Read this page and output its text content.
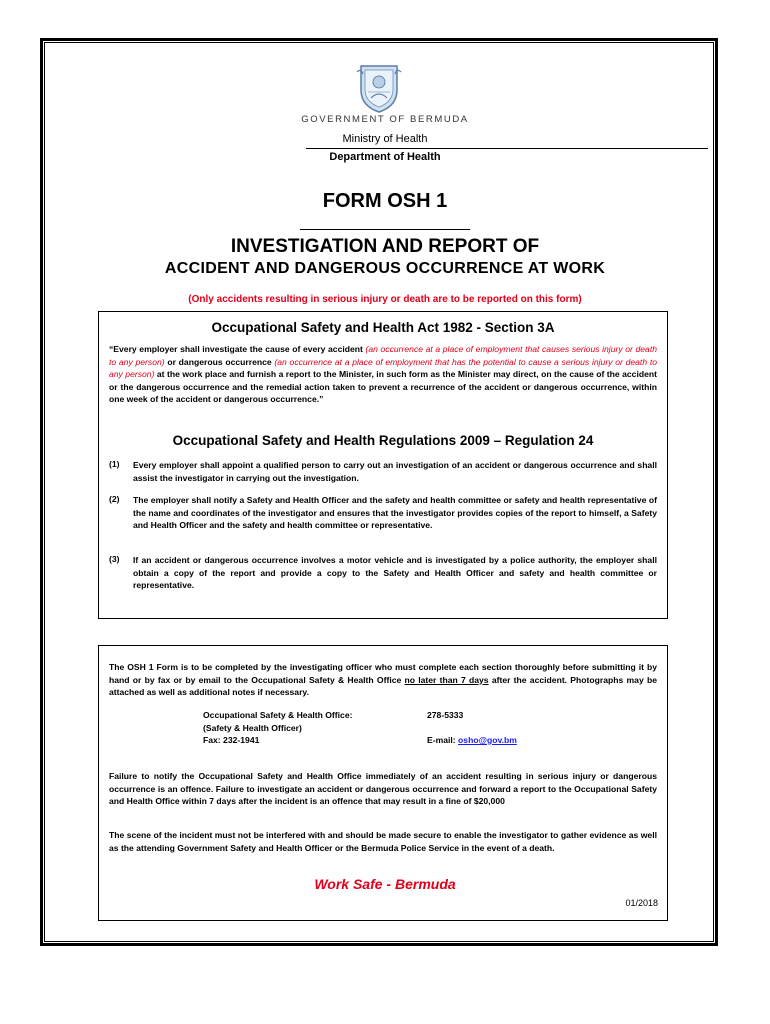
GOVERNMENT OF BERMUDA
Ministry of Health
Department of Health
FORM OSH 1
INVESTIGATION AND REPORT OF
ACCIDENT AND DANGEROUS OCCURRENCE AT WORK
(Only accidents resulting in serious injury or death are to be reported on this form)
Occupational Safety and Health Act 1982 - Section 3A
“Every employer shall investigate the cause of every accident (an occurrence at a place of employment that causes serious injury or death to any person) or dangerous occurrence (an occurrence at a place of employment that has the potential to cause a serious injury or death to any person) at the work place and furnish a report to the Minister, in such form as the Minister may direct, on the cause of the accident or the dangerous occurrence and the remedial action taken to prevent a recurrence of the accident or dangerous occurrence, within one week of the accident or dangerous occurrence.”
Occupational Safety and Health Regulations 2009 – Regulation 24
(1) Every employer shall appoint a qualified person to carry out an investigation of an accident or dangerous occurrence and shall assist the investigator in carrying out the investigation.
(2) The employer shall notify a Safety and Health Officer and the safety and health committee or safety and health representative of the name and coordinates of the investigator and ensures that the investigator provides copies of the report to himself, a Safety and Health Officer and the safety and health committee or representative.
(3) If an accident or dangerous occurrence involves a motor vehicle and is investigated by a police authority, the employer shall obtain a copy of the report and provide a copy to the Safety and Health Officer and safety and health committee or representative.
The OSH 1 Form is to be completed by the investigating officer who must complete each section thoroughly before submitting it by hand or by fax or by email to the Occupational Safety & Health Office no later than 7 days after the accident. Photographs may be attached as well as additional notes if necessary.
Occupational Safety & Health Office:
(Safety & Health Officer)
Fax: 232-1941
278-5333
E-mail: osho@gov.bm
Failure to notify the Occupational Safety and Health Office immediately of an accident resulting in serious injury or dangerous occurrence is an offence. Failure to investigate an accident or dangerous occurrence and forward a report to the Occupational Safety and Health Office within 7 days after the incident is an offence that may result in a fine of $20,000
The scene of the incident must not be interfered with and should be made secure to enable the investigator to gather evidence as well as the attending Government Safety and Health Officer or the Bermuda Police Service in the event of a death.
Work Safe - Bermuda
01/2018
